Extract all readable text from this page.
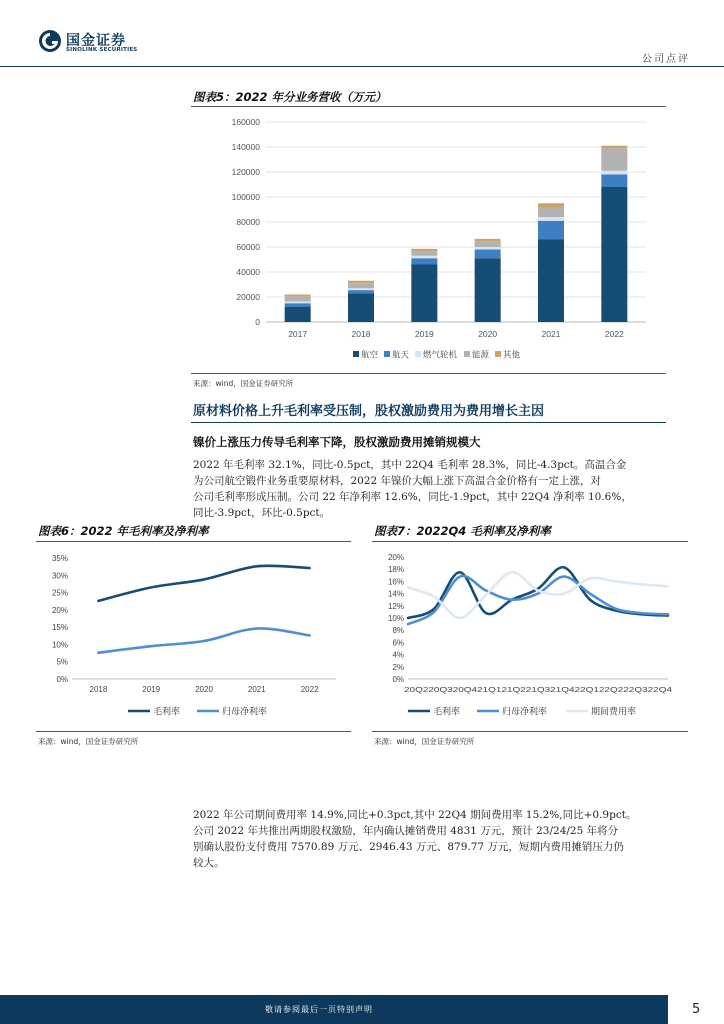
国金证券
SINOLINK SECURITIES
公司点评
图表5：2022 年分业务营收（万元）
0
20000
40000
60000
80000
100000
120000
140000
160000
2017	2018	2019	2020	2021	2022
航空 航天 燃气轮机 能源 其他
来源：wind，国金证券研究所
原材料价格上升毛利率受压制，股权激励费用为费用增长主因
镍价上涨压力传导毛利率下降，股权激励费用摊销规模大

2022 年毛利率 32.1%，同比-0.5pct，其中 22Q4 毛利率 28.3%，同比-4.3pct。高温合金

为公司航空锻件业务重要原材料，2022 年镍价大幅上涨下高温合金价格有一定上涨，对

公司毛利率形成压制。公司 22 年净利率 12.6%，同比-1.9pct，其中 22Q4 净利率 10.6%，

同比-3.9pct，环比-0.5pct。

图表6：2022 年毛利率及净利率
0%
5%
10%
15%
20%
25%
30%
35%
2018	2019	2020	2021	2022
毛利率	归母净利率
来源：wind，国金证券研究所
图表7：2022Q4 毛利率及净利率
0%
2%
4%
6%
8%
10%
12%
14%
16%
18%
20%
20Q220Q320Q421Q121Q221Q321Q422Q122Q222Q322Q4
毛利率	归母净利率	期间费用率
来源：wind，国金证券研究所

2022 年公司期间费用率 14.9%,同比+0.3pct,其中 22Q4 期间费用率 15.2%,同比+0.9pct。

公司 2022 年共推出两期股权激励，年内确认摊销费用 4831 万元，预计 23/24/25 年将分

别确认股份支付费用 7570.89 万元、2946.43 万元、879.77 万元，短期内费用摊销压力仍

较大。

敬请参阅最后一页特别声明	5
